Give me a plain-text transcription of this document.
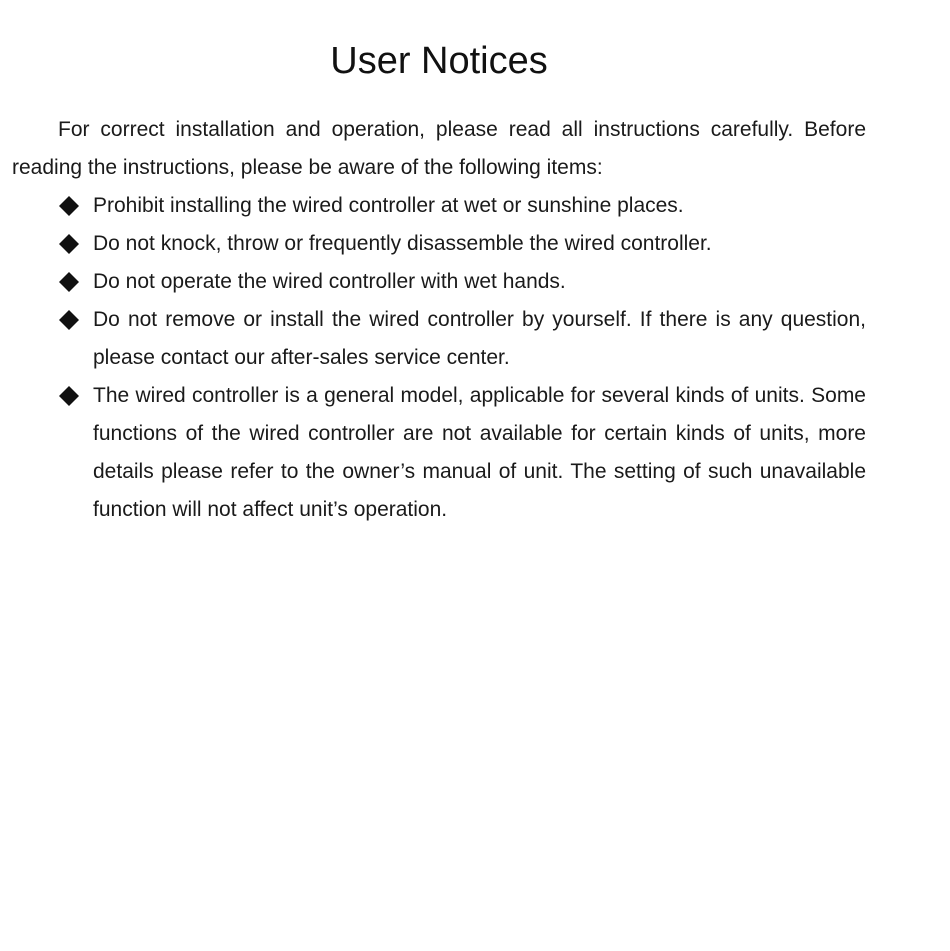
User Notices

For correct installation and operation, please read all instructions carefully. Before reading the instructions, please be aware of the following items:

Prohibit installing the wired controller at wet or sunshine places.
Do not knock, throw or frequently disassemble the wired controller.
Do not operate the wired controller with wet hands.
Do not remove or install the wired controller by yourself. If there is any question, please contact our after-sales service center.
The wired controller is a general model, applicable for several kinds of units. Some functions of the wired controller are not available for certain kinds of units, more details please refer to the owner’s manual of unit. The setting of such unavailable function will not affect unit’s operation.
